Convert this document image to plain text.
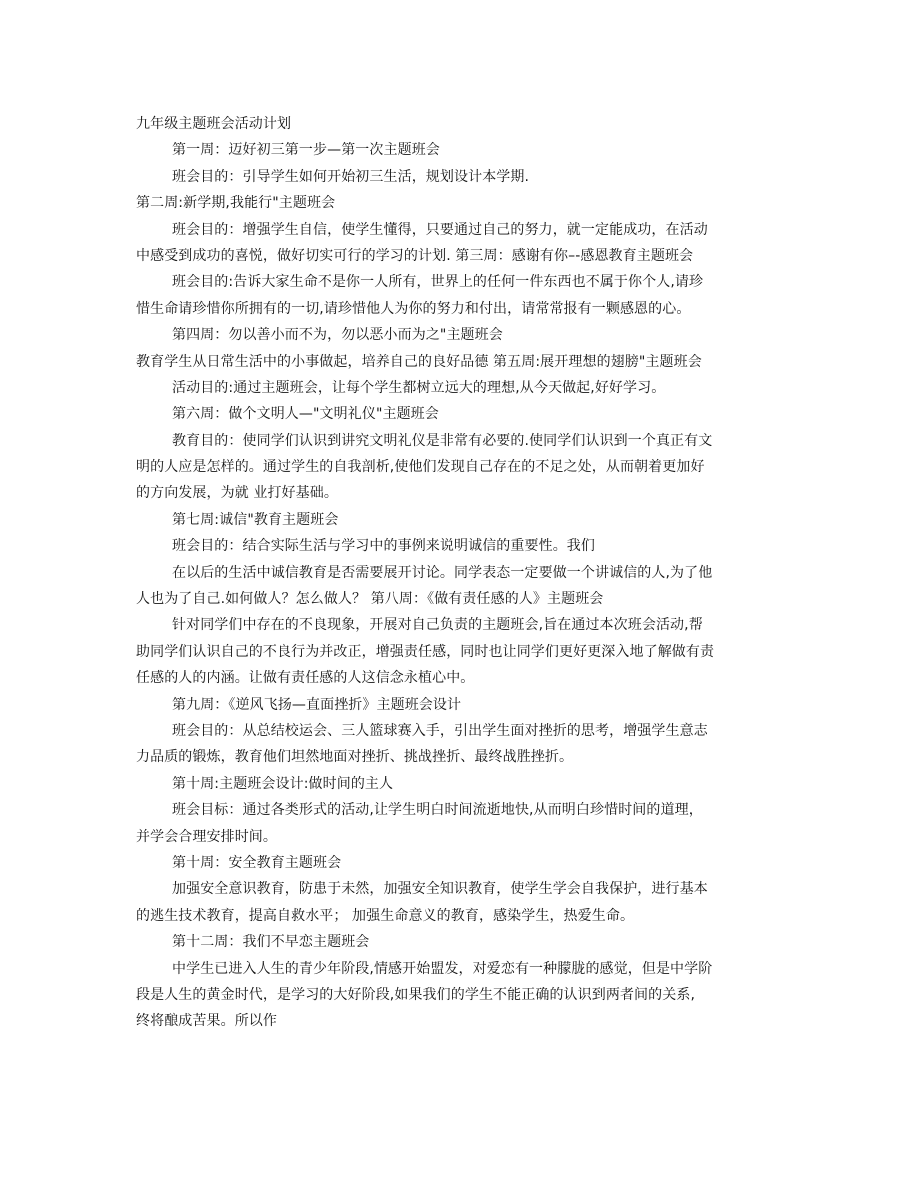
九年级主题班会活动计划
第一周：迈好初三第一步—第一次主题班会
班会目的：引导学生如何开始初三生活，规划设计本学期.
第二周:新学期,我能行"主题班会
班会目的：增强学生自信，使学生懂得，只要通过自己的努力，就一定能成功，在活动
中感受到成功的喜悦，做好切实可行的学习的计划. 第三周：感谢有你–-感恩教育主题班会
班会目的:告诉大家生命不是你一人所有，世界上的任何一件东西也不属于你个人,请珍
惜生命请珍惜你所拥有的一切,请珍惜他人为你的努力和付出，请常常报有一颗感恩的心。
第四周：勿以善小而不为，勿以恶小而为之"主题班会
教育学生从日常生活中的小事做起，培养自己的良好品德 第五周:展开理想的翅膀"主题班会
活动目的:通过主题班会，让每个学生都树立远大的理想,从今天做起,好好学习。
第六周：做个文明人—"文明礼仪"主题班会
教育目的：使同学们认识到讲究文明礼仪是非常有必要的.使同学们认识到一个真正有文
明的人应是怎样的。通过学生的自我剖析,使他们发现自己存在的不足之处，从而朝着更加好
的方向发展，为就 业打好基础。
第七周:诚信"教育主题班会
班会目的：结合实际生活与学习中的事例来说明诚信的重要性。我们
在以后的生活中诚信教育是否需要展开讨论。同学表态一定要做一个讲诚信的人,为了他
人也为了自己.如何做人？怎么做人？ 第八周：《做有责任感的人》主题班会
针对同学们中存在的不良现象，开展对自己负责的主题班会,旨在通过本次班会活动,帮
助同学们认识自己的不良行为并改正，增强责任感，同时也让同学们更好更深入地了解做有责
任感的人的内涵。让做有责任感的人这信念永植心中。
第九周：《逆风飞扬—直面挫折》主题班会设计
班会目的：从总结校运会、三人篮球赛入手，引出学生面对挫折的思考，增强学生意志
力品质的锻炼，教育他们坦然地面对挫折、挑战挫折、最终战胜挫折。
第十周:主题班会设计:做时间的主人
班会目标：通过各类形式的活动,让学生明白时间流逝地快,从而明白珍惜时间的道理，
并学会合理安排时间。
第十周：安全教育主题班会
加强安全意识教育，防患于未然，加强安全知识教育，使学生学会自我保护，进行基本
的逃生技术教育，提高自救水平； 加强生命意义的教育，感染学生，热爱生命。
第十二周：我们不早恋主题班会
中学生已进入人生的青少年阶段,情感开始盟发，对爱恋有一种朦胧的感觉，但是中学阶
段是人生的黄金时代，是学习的大好阶段,如果我们的学生不能正确的认识到两者间的关系,
终将酿成苦果。所以作
